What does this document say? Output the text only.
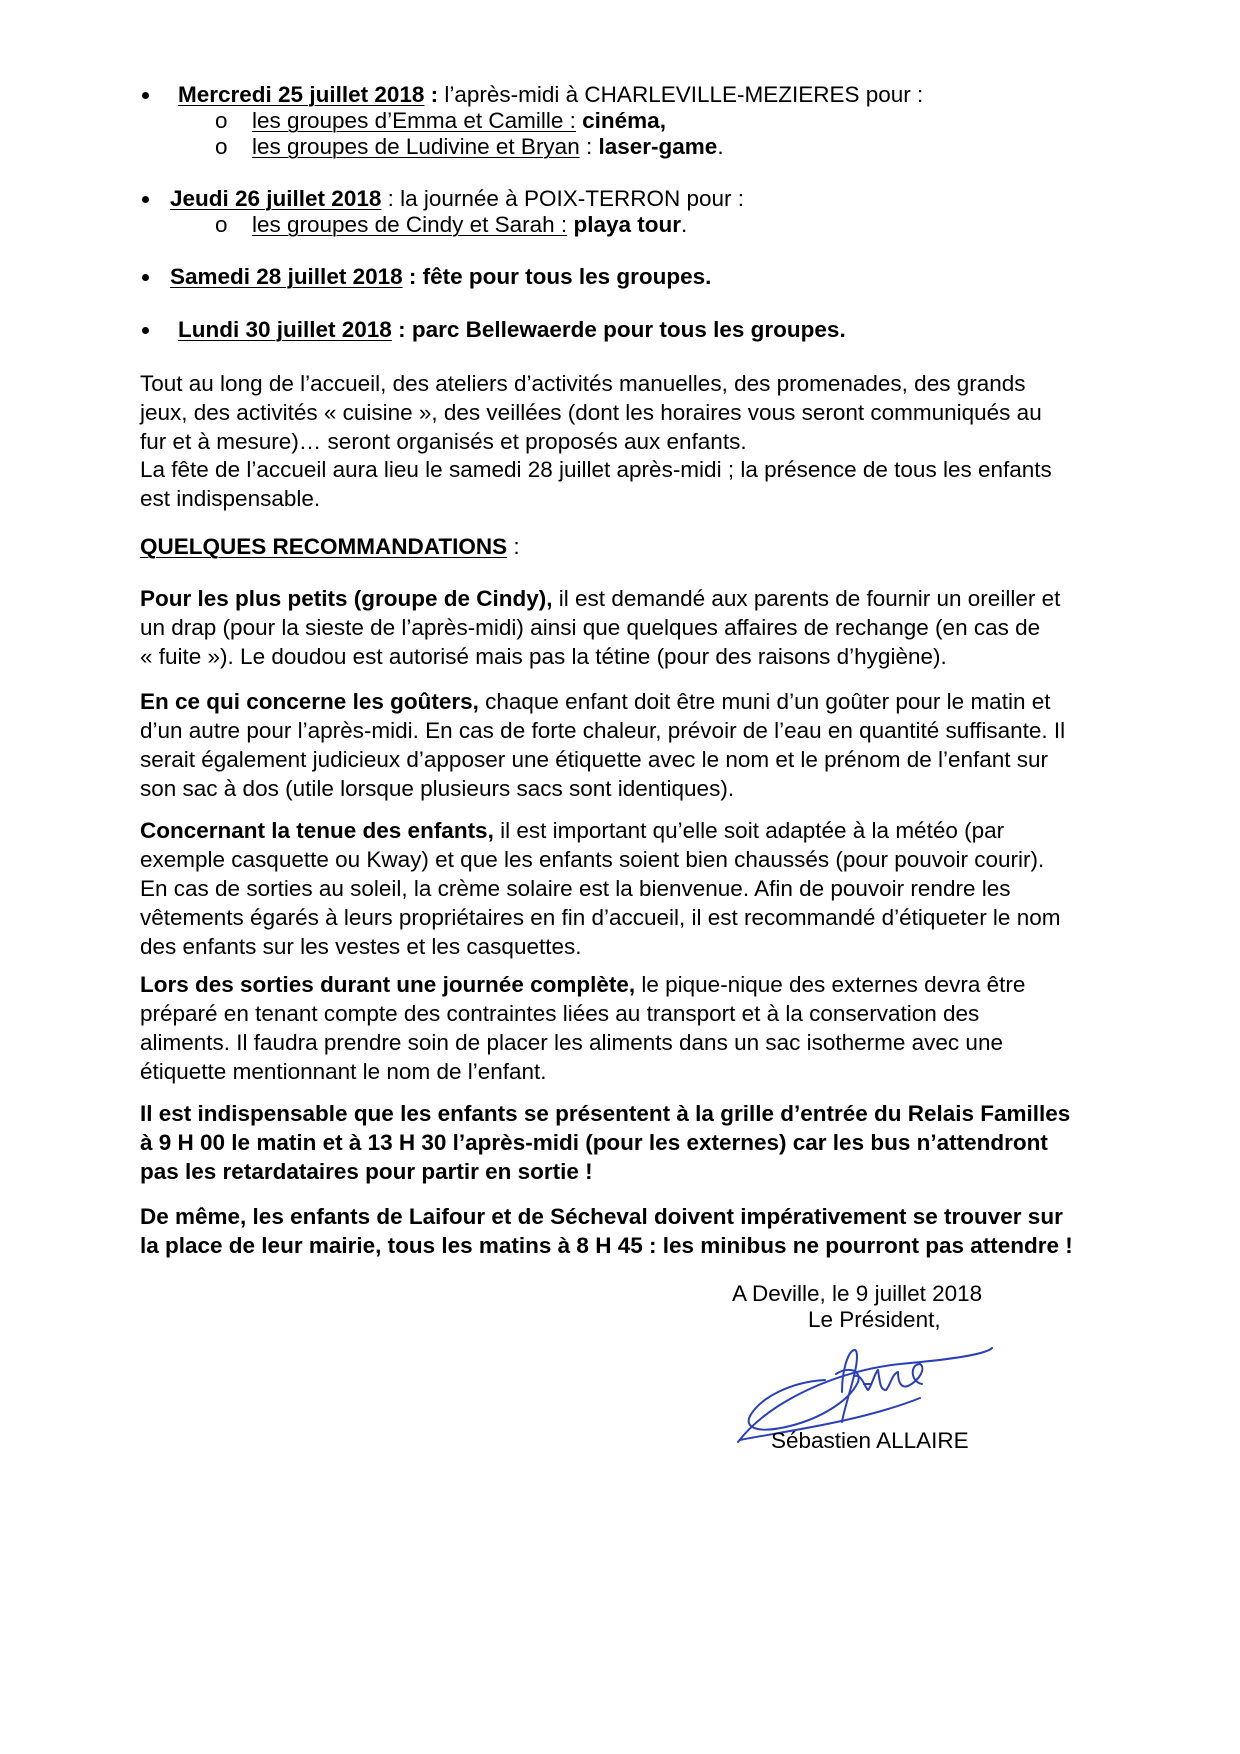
Mercredi 25 juillet 2018 : l’après-midi à CHARLEVILLE-MEZIERES pour :
o les groupes d’Emma et Camille : cinéma,
o les groupes de Ludivine et Bryan : laser-game.
Jeudi 26 juillet 2018 : la journée à POIX-TERRON pour :
o les groupes de Cindy et Sarah : playa tour.
Samedi 28 juillet 2018 : fête pour tous les groupes.
Lundi 30 juillet 2018 : parc Bellewaerde pour tous les groupes.
Tout au long de l’accueil, des ateliers d’activités manuelles, des promenades, des grands
jeux, des activités « cuisine », des veillées (dont les horaires vous seront communiqués au
fur et à mesure)… seront organisés et proposés aux enfants.
La fête de l’accueil aura lieu le samedi 28 juillet après-midi ; la présence de tous les enfants
est indispensable.
QUELQUES RECOMMANDATIONS :
Pour les plus petits (groupe de Cindy), il est demandé aux parents de fournir un oreiller et
un drap (pour la sieste de l’après-midi) ainsi que quelques affaires de rechange (en cas de
« fuite »). Le doudou est autorisé mais pas la tétine (pour des raisons d’hygiène).
En ce qui concerne les goûters, chaque enfant doit être muni d’un goûter pour le matin et
d’un autre pour l’après-midi. En cas de forte chaleur, prévoir de l’eau en quantité suffisante. Il
serait également judicieux d’apposer une étiquette avec le nom et le prénom de l’enfant sur
son sac à dos (utile lorsque plusieurs sacs sont identiques).
Concernant la tenue des enfants, il est important qu’elle soit adaptée à la météo (par
exemple casquette ou Kway) et que les enfants soient bien chaussés (pour pouvoir courir).
En cas de sorties au soleil, la crème solaire est la bienvenue. Afin de pouvoir rendre les
vêtements égarés à leurs propriétaires en fin d’accueil, il est recommandé d’étiqueter le nom
des enfants sur les vestes et les casquettes.
Lors des sorties durant une journée complète, le pique-nique des externes devra être
préparé en tenant compte des contraintes liées au transport et à la conservation des
aliments. Il faudra prendre soin de placer les aliments dans un sac isotherme avec une
étiquette mentionnant le nom de l’enfant.
Il est indispensable que les enfants se présentent à la grille d’entrée du Relais Familles
à 9 H 00 le matin et à 13 H 30 l’après-midi (pour les externes) car les bus n’attendront
pas les retardataires pour partir en sortie !
De même, les enfants de Laifour et de Sécheval doivent impérativement se trouver sur
la place de leur mairie, tous les matins à 8 H 45 : les minibus ne pourront pas attendre !
A Deville, le 9 juillet 2018
Le Président,
Sébastien ALLAIRE
